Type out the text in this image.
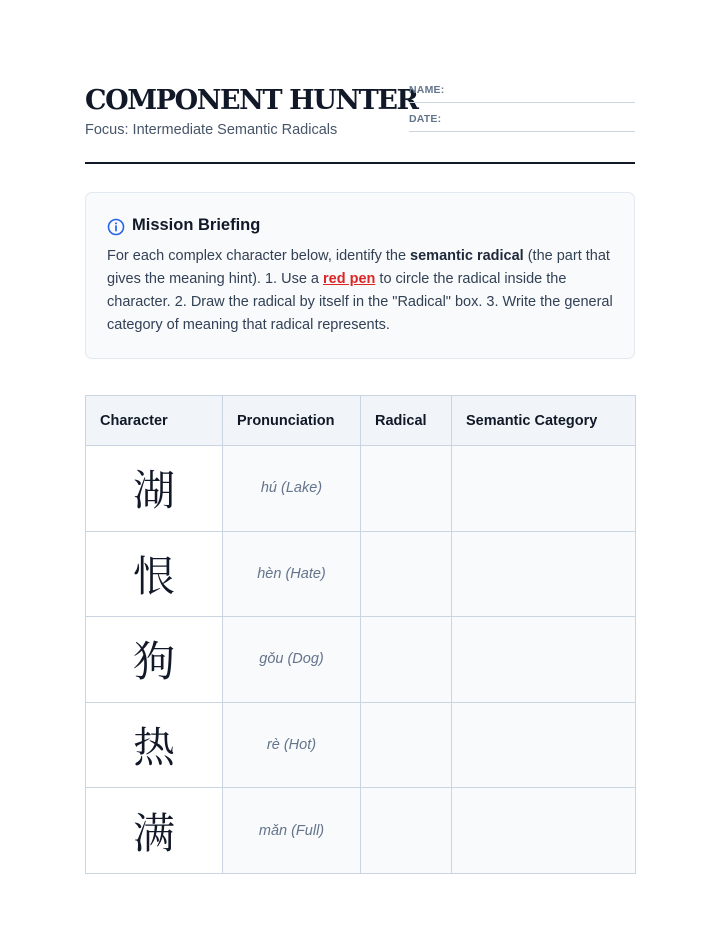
COMPONENT HUNTER
Focus: Intermediate Semantic Radicals
NAME:
DATE:
Mission Briefing
For each complex character below, identify the semantic radical (the part that gives the meaning hint). 1. Use a red pen to circle the radical inside the character. 2. Draw the radical by itself in the "Radical" box. 3. Write the general category of meaning that radical represents.
Character	Pronunciation	Radical	Semantic Category
湖	hú (Lake)		
恨	hèn (Hate)		
狗	gǒu (Dog)		
热	rè (Hot)		
满	mǎn (Full)		
